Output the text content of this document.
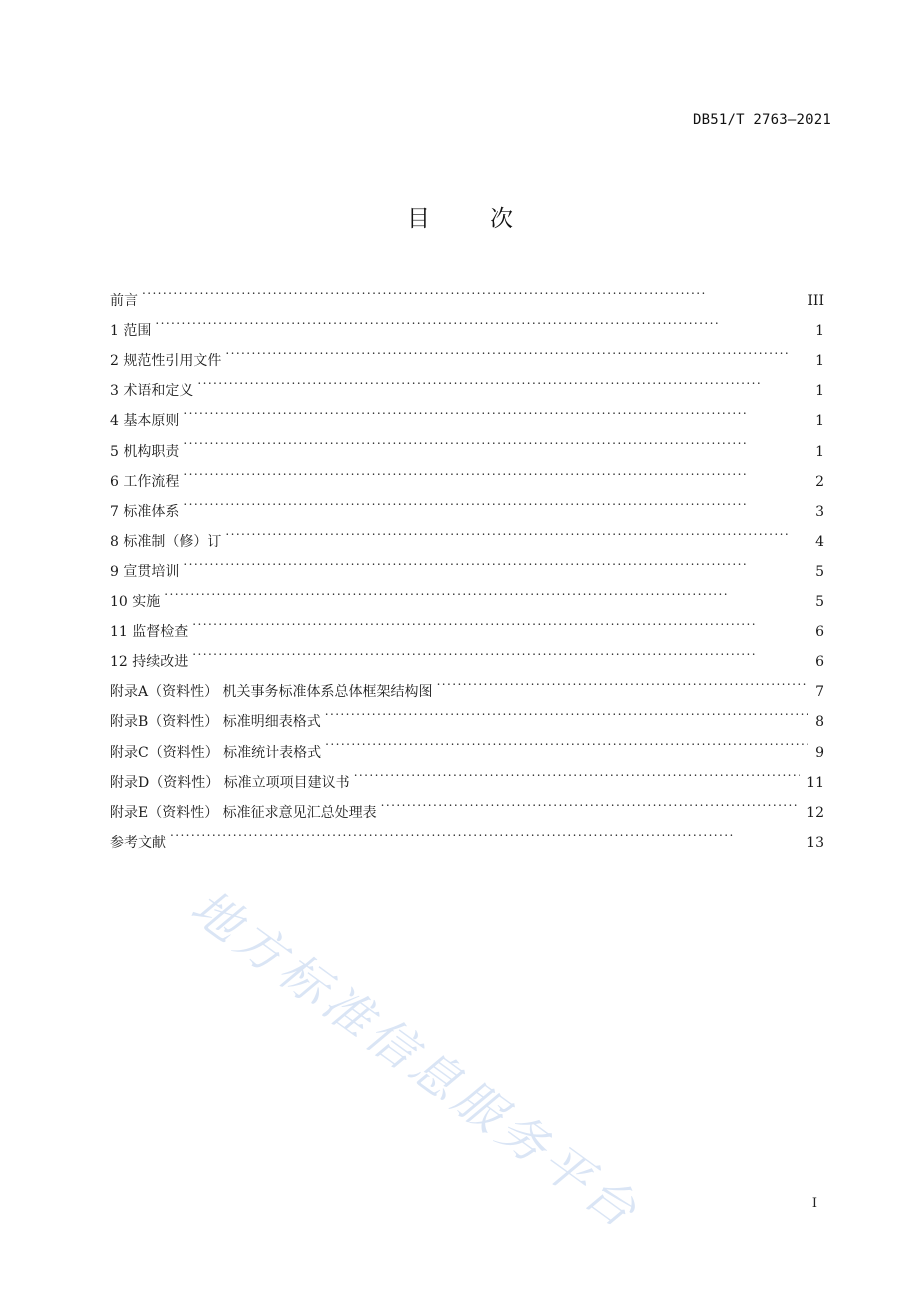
DB51/T 2763—2021
目次
前言 . . .	III
1 范围 . . .	1
2 规范性引用文件 . . .	1
3 术语和定义 . . .	1
4 基本原则 . . .	1
5 机构职责 . . .	1
6 工作流程 . . .	2
7 标准体系 . . .	3
8 标准制（修）订 . . .	4
9 宣贯培训 . . .	5
10 实施 . . .	5
11 监督检查 . . .	6
12 持续改进 . . .	6
附录A（资料性） 机关事务标准体系总体框架结构图 . . .	7
附录B（资料性） 标准明细表格式 . . .	8
附录C（资料性） 标准统计表格式 . . .	9
附录D（资料性） 标准立项项目建议书 . . .	11
附录E（资料性） 标准征求意见汇总处理表 . . .	12
参考文献 . . .	13
地方标准信息服务平台	I
